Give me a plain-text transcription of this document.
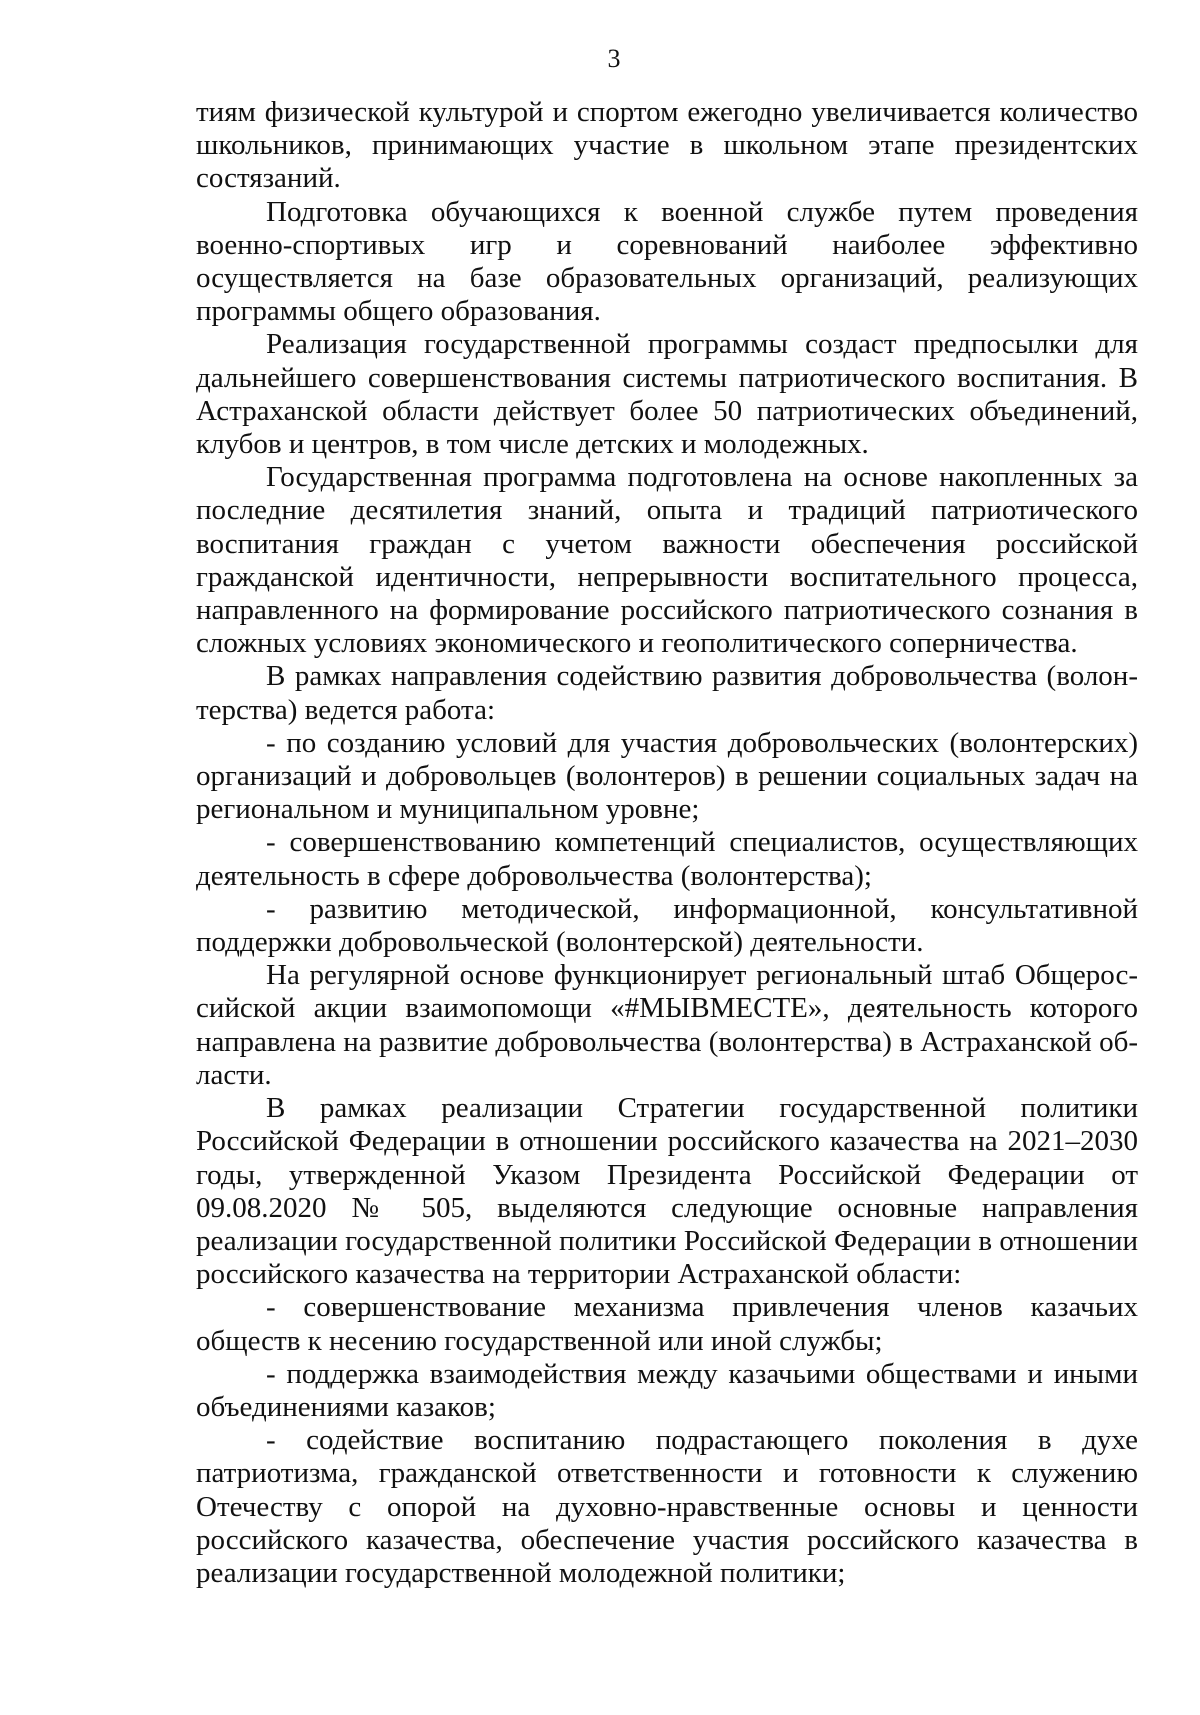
3

тиям физической культурой и спортом ежегодно увеличивается количество школьников, принимающих участие в школьном этапе президентских состязаний.

Подготовка обучающихся к военной службе путем проведения военно-спортивых игр и соревнований наиболее эффективно осуществляется на базе образовательных организаций, реализующих программы общего образования.

Реализация государственной программы создаст предпосылки для дальнейшего совершенствования системы патриотического воспитания. В Астраханской области действует более 50 патриотических объединений, клубов и центров, в том числе детских и молодежных.

Государственная программа подготовлена на основе накопленных за последние десятилетия знаний, опыта и традиций патриотического воспитания граждан с учетом важности обеспечения российской гражданской идентичности, непрерывности воспитательного процесса, направленного на формирование российского патриотического сознания в сложных условиях экономического и геополитического соперничества.

В рамках направления содействию развития добровольчества (волонтерства) ведется работа:

- по созданию условий для участия добровольческих (волонтерских) организаций и добровольцев (волонтеров) в решении социальных задач на региональном и муниципальном уровне;

- совершенствованию компетенций специалистов, осуществляющих деятельность в сфере добровольчества (волонтерства);

- развитию методической, информационной, консультативной поддержки добровольческой (волонтерской) деятельности.

На регулярной основе функционирует региональный штаб Общероссийской акции взаимопомощи «#МЫВМЕСТЕ», деятельность которого направлена на развитие добровольчества (волонтерства) в Астраханской области.

В рамках реализации Стратегии государственной политики Российской Федерации в отношении российского казачества на 2021–2030 годы, утвержденной Указом Президента Российской Федерации от 09.08.2020 № 505, выделяются следующие основные направления реализации государственной политики Российской Федерации в отношении российского казачества на территории Астраханской области:

- совершенствование механизма привлечения членов казачьих обществ к несению государственной или иной службы;

- поддержка взаимодействия между казачьими обществами и иными объединениями казаков;

- содействие воспитанию подрастающего поколения в духе патриотизма, гражданской ответственности и готовности к служению Отечеству с опорой на духовно-нравственные основы и ценности российского казачества, обеспечение участия российского казачества в реализации государственной молодежной политики;
